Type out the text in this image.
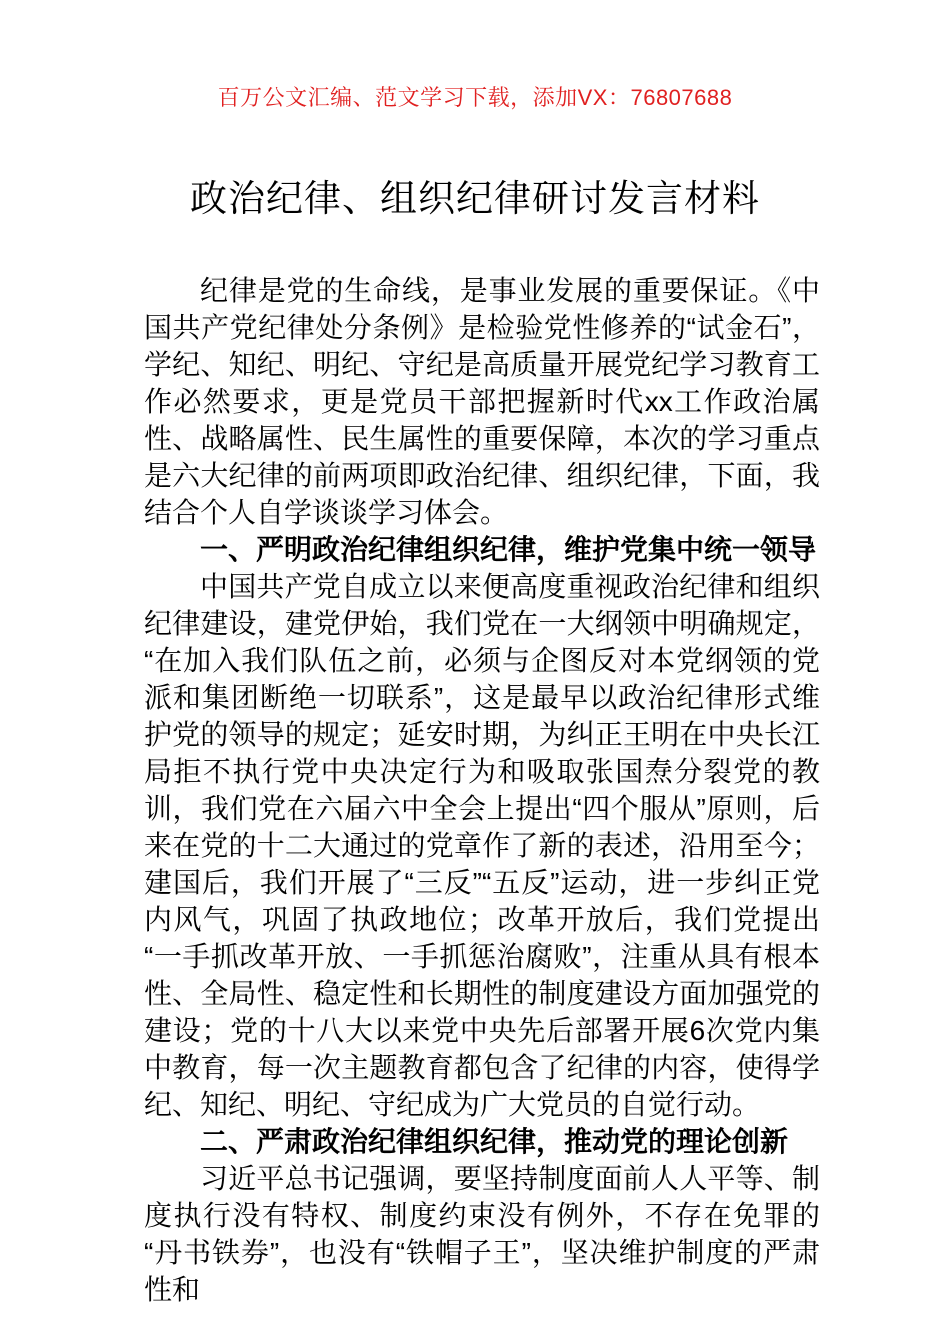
百万公文汇编、范文学习下载，添加VX：76807688
政治纪律、组织纪律研讨发言材料

纪律是党的生命线，是事业发展的重要保证。《中国共产党纪律处分条例》是检验党性修养的“试金石”，学纪、知纪、明纪、守纪是高质量开展党纪学习教育工作必然要求，更是党员干部把握新时代xx工作政治属性、战略属性、民生属性的重要保障，本次的学习重点是六大纪律的前两项即政治纪律、组织纪律，下面，我结合个人自学谈谈学习体会。

一、严明政治纪律组织纪律，维护党集中统一领导

中国共产党自成立以来便高度重视政治纪律和组织纪律建设，建党伊始，我们党在一大纲领中明确规定，“在加入我们队伍之前，必须与企图反对本党纲领的党派和集团断绝一切联系”，这是最早以政治纪律形式维护党的领导的规定；延安时期，为纠正王明在中央长江局拒不执行党中央决定行为和吸取张国焘分裂党的教训，我们党在六届六中全会上提出“四个服从”原则，后来在党的十二大通过的党章作了新的表述，沿用至今；建国后，我们开展了“三反”“五反”运动，进一步纠正党内风气，巩固了执政地位；改革开放后，我们党提出“一手抓改革开放、一手抓惩治腐败”，注重从具有根本性、全局性、稳定性和长期性的制度建设方面加强党的建设；党的十八大以来党中央先后部署开展6次党内集中教育，每一次主题教育都包含了纪律的内容，使得学纪、知纪、明纪、守纪成为广大党员的自觉行动。

二、严肃政治纪律组织纪律，推动党的理论创新

习近平总书记强调，要坚持制度面前人人平等、制度执行没有特权、制度约束没有例外，不存在免罪的“丹书铁券”，也没有“铁帽子王”，坚决维护制度的严肃性和
